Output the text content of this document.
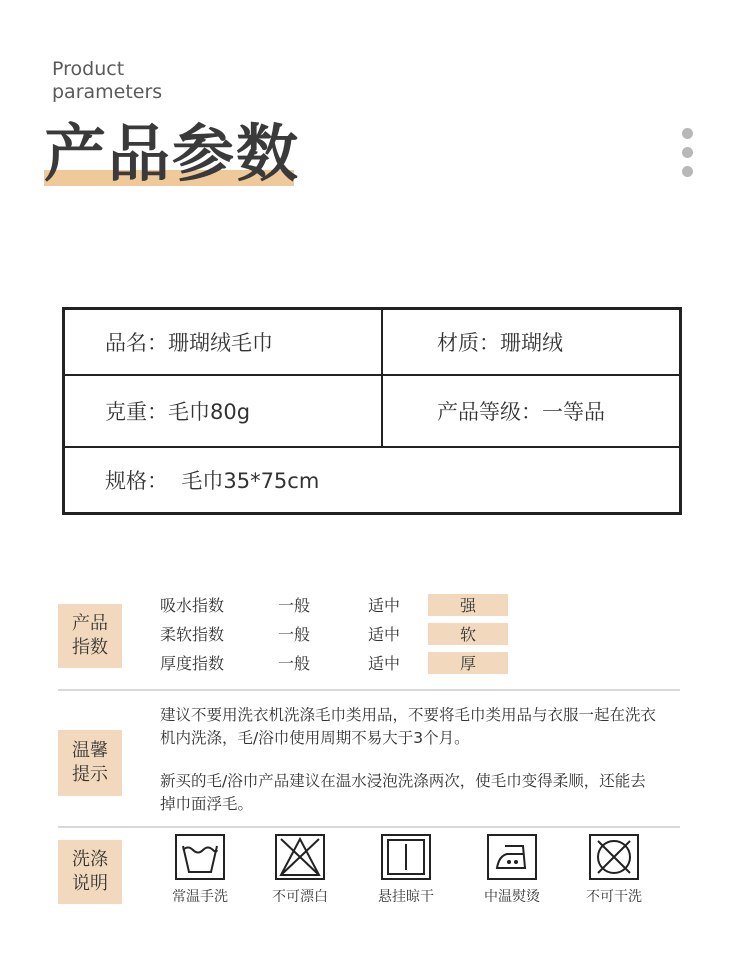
Product
parameters
产品参数
品名：珊瑚绒毛巾	材质：珊瑚绒
克重：毛巾80g	产品等级：一等品
规格：  毛巾35*75cm
产品
指数
吸水指数	一般	适中	强
柔软指数	一般	适中	软
厚度指数	一般	适中	厚
温馨
提示
建议不要用洗衣机洗涤毛巾类用品，不要将毛巾类用品与衣服一起在洗衣机内洗涤，毛/浴巾使用周期不易大于3个月。
新买的毛/浴巾产品建议在温水浸泡洗涤两次，使毛巾变得柔顺，还能去掉巾面浮毛。
洗涤
说明
常温手洗	不可漂白	悬挂晾干	中温熨烫	不可干洗
